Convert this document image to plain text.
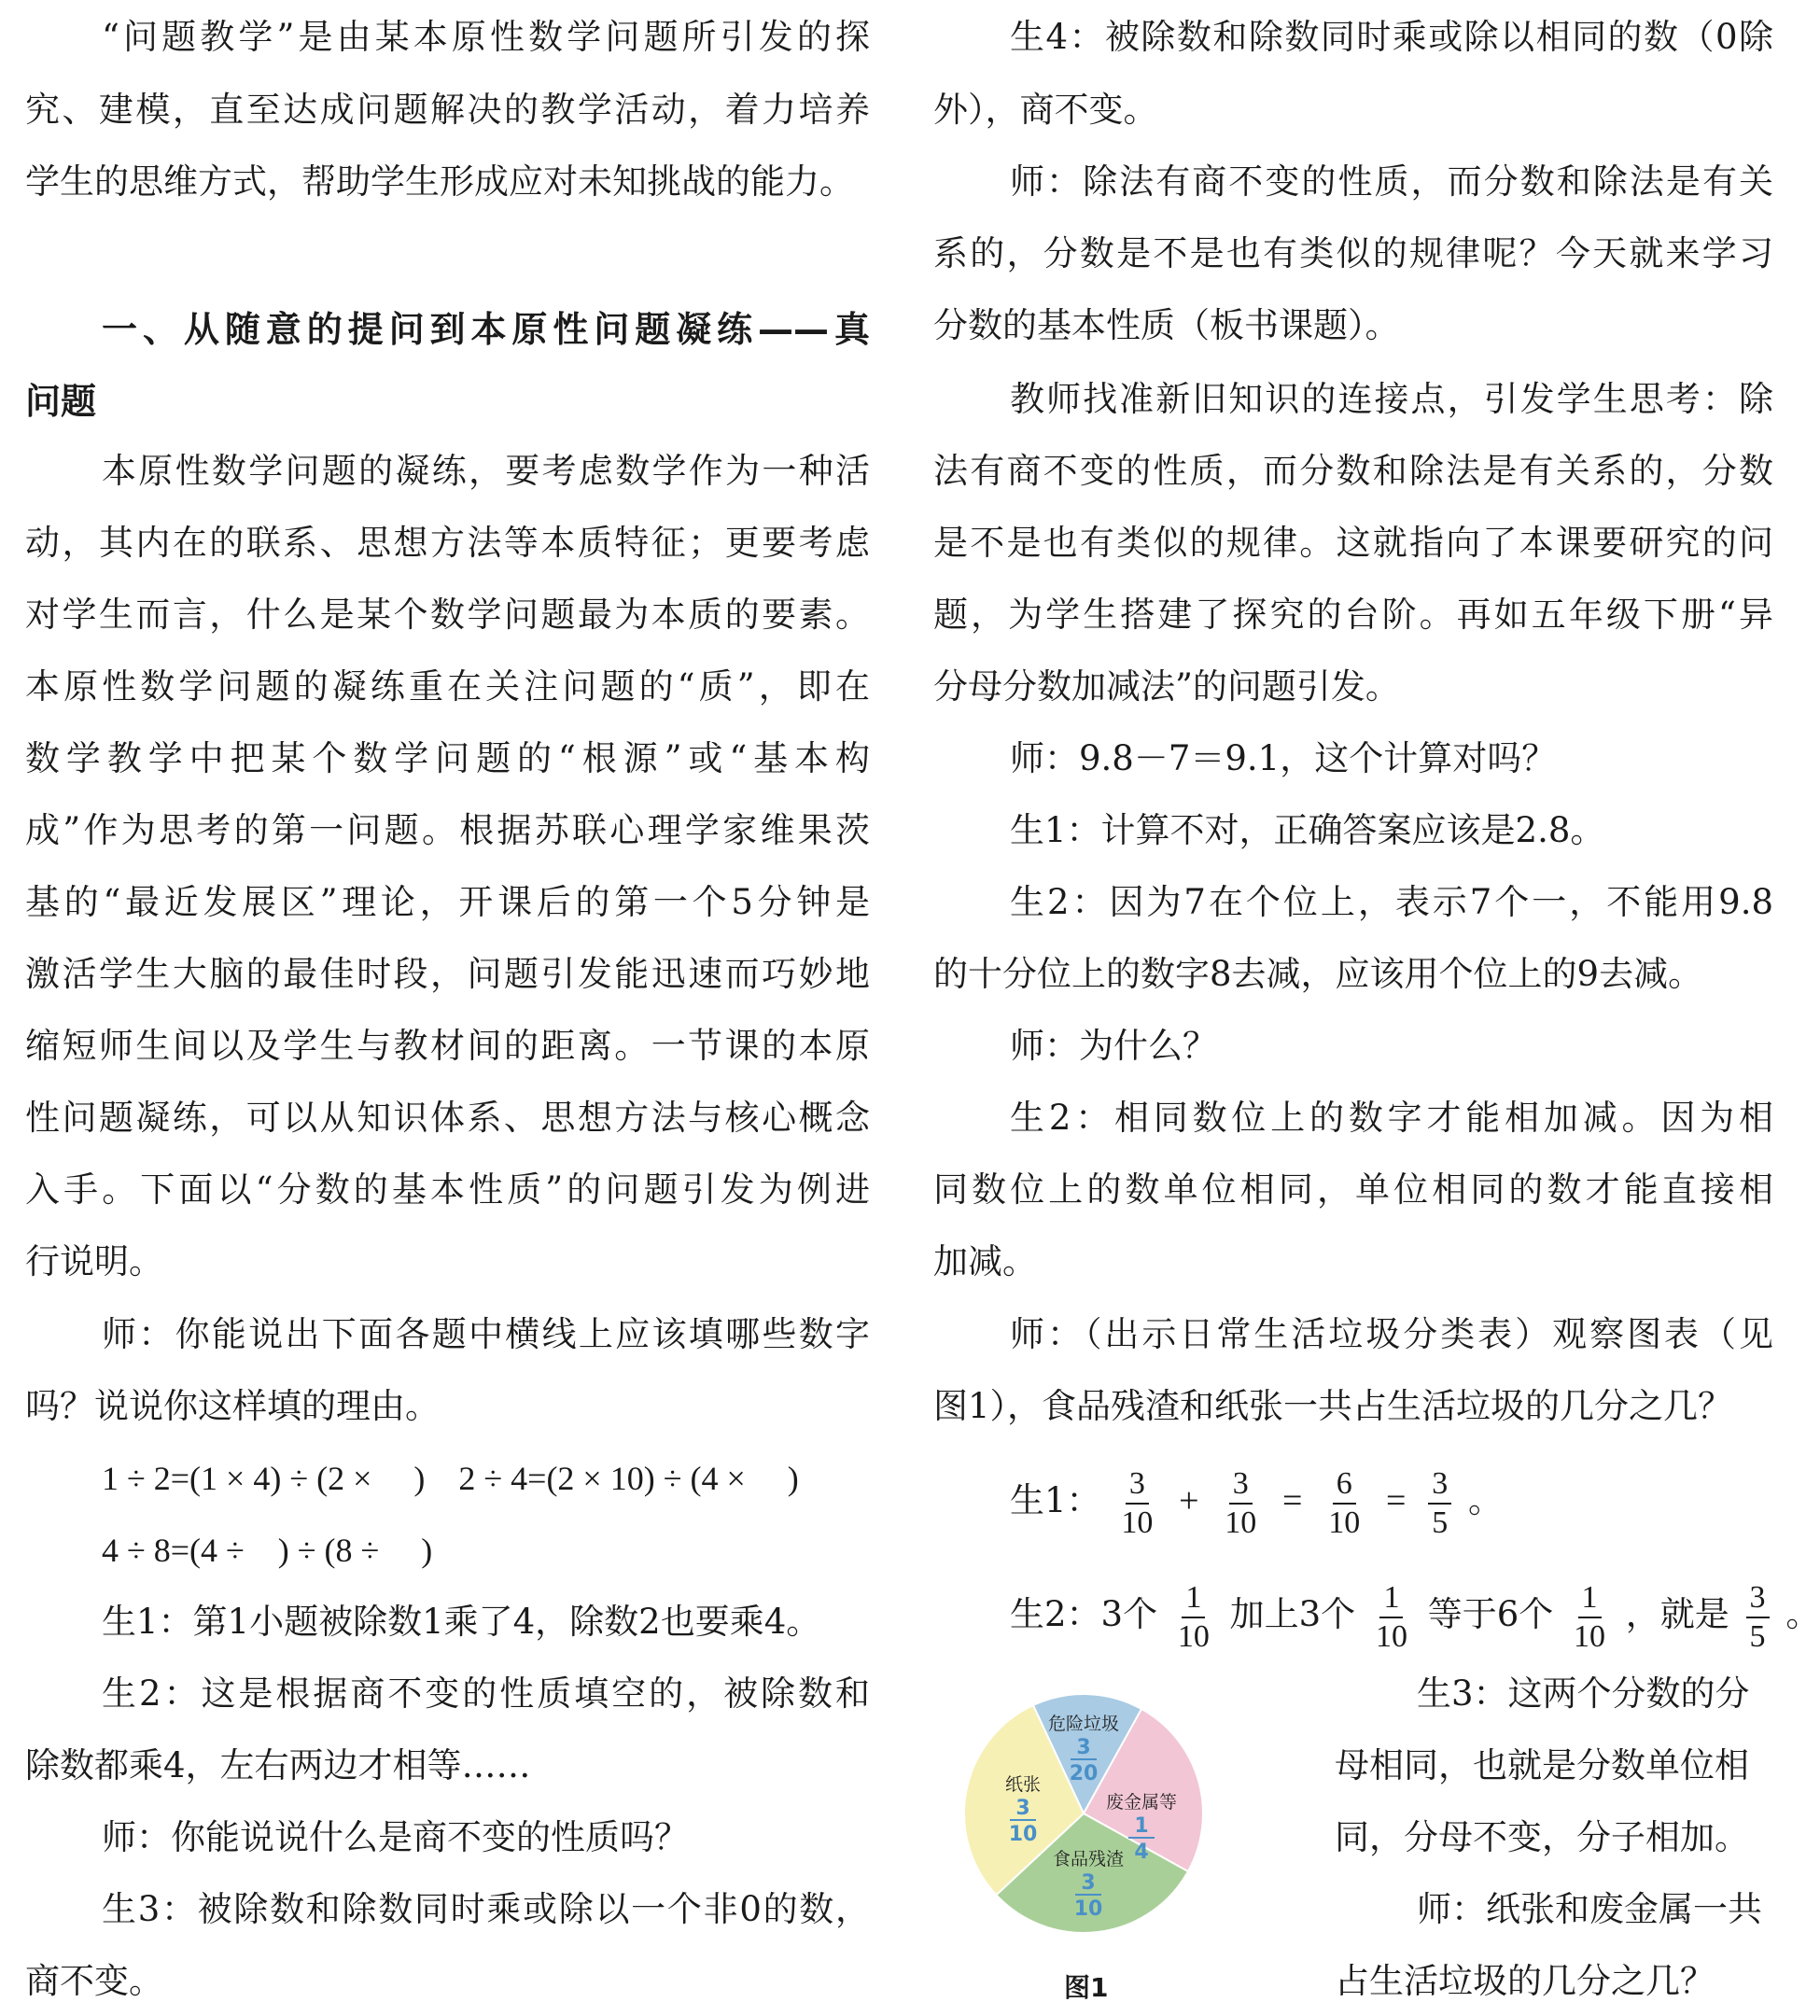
“问题教学”是由某本原性数学问题所引发的探
究、建模，直至达成问题解决的教学活动，着力培养
学生的思维方式，帮助学生形成应对未知挑战的能力。
一、从随意的提问到本原性问题凝练——真
问题
本原性数学问题的凝练，要考虑数学作为一种活
动，其内在的联系、思想方法等本质特征；更要考虑
对学生而言，什么是某个数学问题最为本质的要素。
本原性数学问题的凝练重在关注问题的“质”，即在
数学教学中把某个数学问题的“根源”或“基本构
成”作为思考的第一问题。根据苏联心理学家维果茨
基的“最近发展区”理论，开课后的第一个5分钟是
激活学生大脑的最佳时段，问题引发能迅速而巧妙地
缩短师生间以及学生与教材间的距离。一节课的本原
性问题凝练，可以从知识体系、思想方法与核心概念
入手。下面以“分数的基本性质”的问题引发为例进
行说明。
师：你能说出下面各题中横线上应该填哪些数字
吗？说说你这样填的理由。
1 ÷ 2=(1 × 4) ÷ (2 ×　 )　2 ÷ 4=(2 × 10) ÷ (4 ×　 )
4 ÷ 8=(4 ÷　) ÷ (8 ÷　 )
生1：第1小题被除数1乘了4，除数2也要乘4。
生2：这是根据商不变的性质填空的，被除数和
除数都乘4，左右两边才相等……
师：你能说说什么是商不变的性质吗？
生3：被除数和除数同时乘或除以一个非0的数，
商不变。
生4：被除数和除数同时乘或除以相同的数（0除
外），商不变。
师：除法有商不变的性质，而分数和除法是有关
系的，分数是不是也有类似的规律呢？今天就来学习
分数的基本性质（板书课题）。
教师找准新旧知识的连接点，引发学生思考：除
法有商不变的性质，而分数和除法是有关系的，分数
是不是也有类似的规律。这就指向了本课要研究的问
题，为学生搭建了探究的台阶。再如五年级下册“异
分母分数加减法”的问题引发。
师：9.8－7＝9.1，这个计算对吗？
生1：计算不对，正确答案应该是2.8。
生2：因为7在个位上，表示7个一，不能用9.8
的十分位上的数字8去减，应该用个位上的9去减。
师：为什么？
生2：相同数位上的数字才能相加减。因为相
同数位上的数单位相同，单位相同的数才能直接相
加减。
师：（出示日常生活垃圾分类表）观察图表（见
图1），食品残渣和纸张一共占生活垃圾的几分之几？
生1： $\frac{3}{10} + \frac{3}{10} = \frac{6}{10} = \frac{3}{5}$ 。
生2：3个 $\frac{1}{10}$ 加上3个 $\frac{1}{10}$ 等于6个 $\frac{1}{10}$ ，就是 $\frac{3}{5}$ 。
危险垃圾
3
20
废金属等
1
4
食品残渣
3
10
纸张
3
10
图1
生3：这两个分数的分
母相同，也就是分数单位相
同，分母不变，分子相加。
师：纸张和废金属一共
占生活垃圾的几分之几？
